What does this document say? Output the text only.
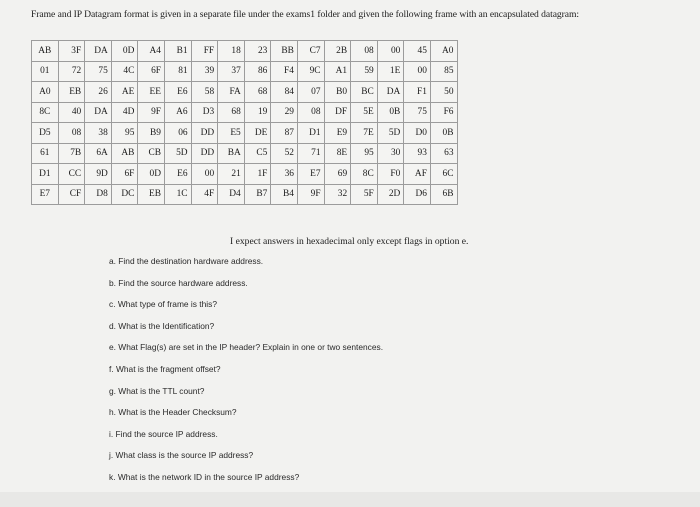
Frame and IP Datagram format is given in a separate file under the exams1 folder and given the following frame with an encapsulated datagram:
AB	3F	DA	0D	A4	B1	FF	18	23	BB	C7	2B	08	00	45	A0
01	72	75	4C	6F	81	39	37	86	F4	9C	A1	59	1E	00	85
A0	EB	26	AE	EE	E6	58	FA	68	84	07	B0	BC	DA	F1	50
8C	40	DA	4D	9F	A6	D3	68	19	29	08	DF	5E	0B	75	F6
D5	08	38	95	B9	06	DD	E5	DE	87	D1	E9	7E	5D	D0	0B
61	7B	6A	AB	CB	5D	DD	BA	C5	52	71	8E	95	30	93	63
D1	CC	9D	6F	0D	E6	00	21	1F	36	E7	69	8C	F0	AF	6C
E7	CF	D8	DC	EB	1C	4F	D4	B7	B4	9F	32	5F	2D	D6	6B
I expect answers in hexadecimal only except flags in option e.
a. Find the destination hardware address.
b. Find the source hardware address.
c. What type of frame is this?
d. What is the Identification?
e. What Flag(s) are set in the IP header? Explain in one or two sentences.
f. What is the fragment offset?
g. What is the TTL count?
h. What is the Header Checksum?
i. Find the source IP address.
j. What class is the source IP address?
k. What is the network ID in the source IP address?
